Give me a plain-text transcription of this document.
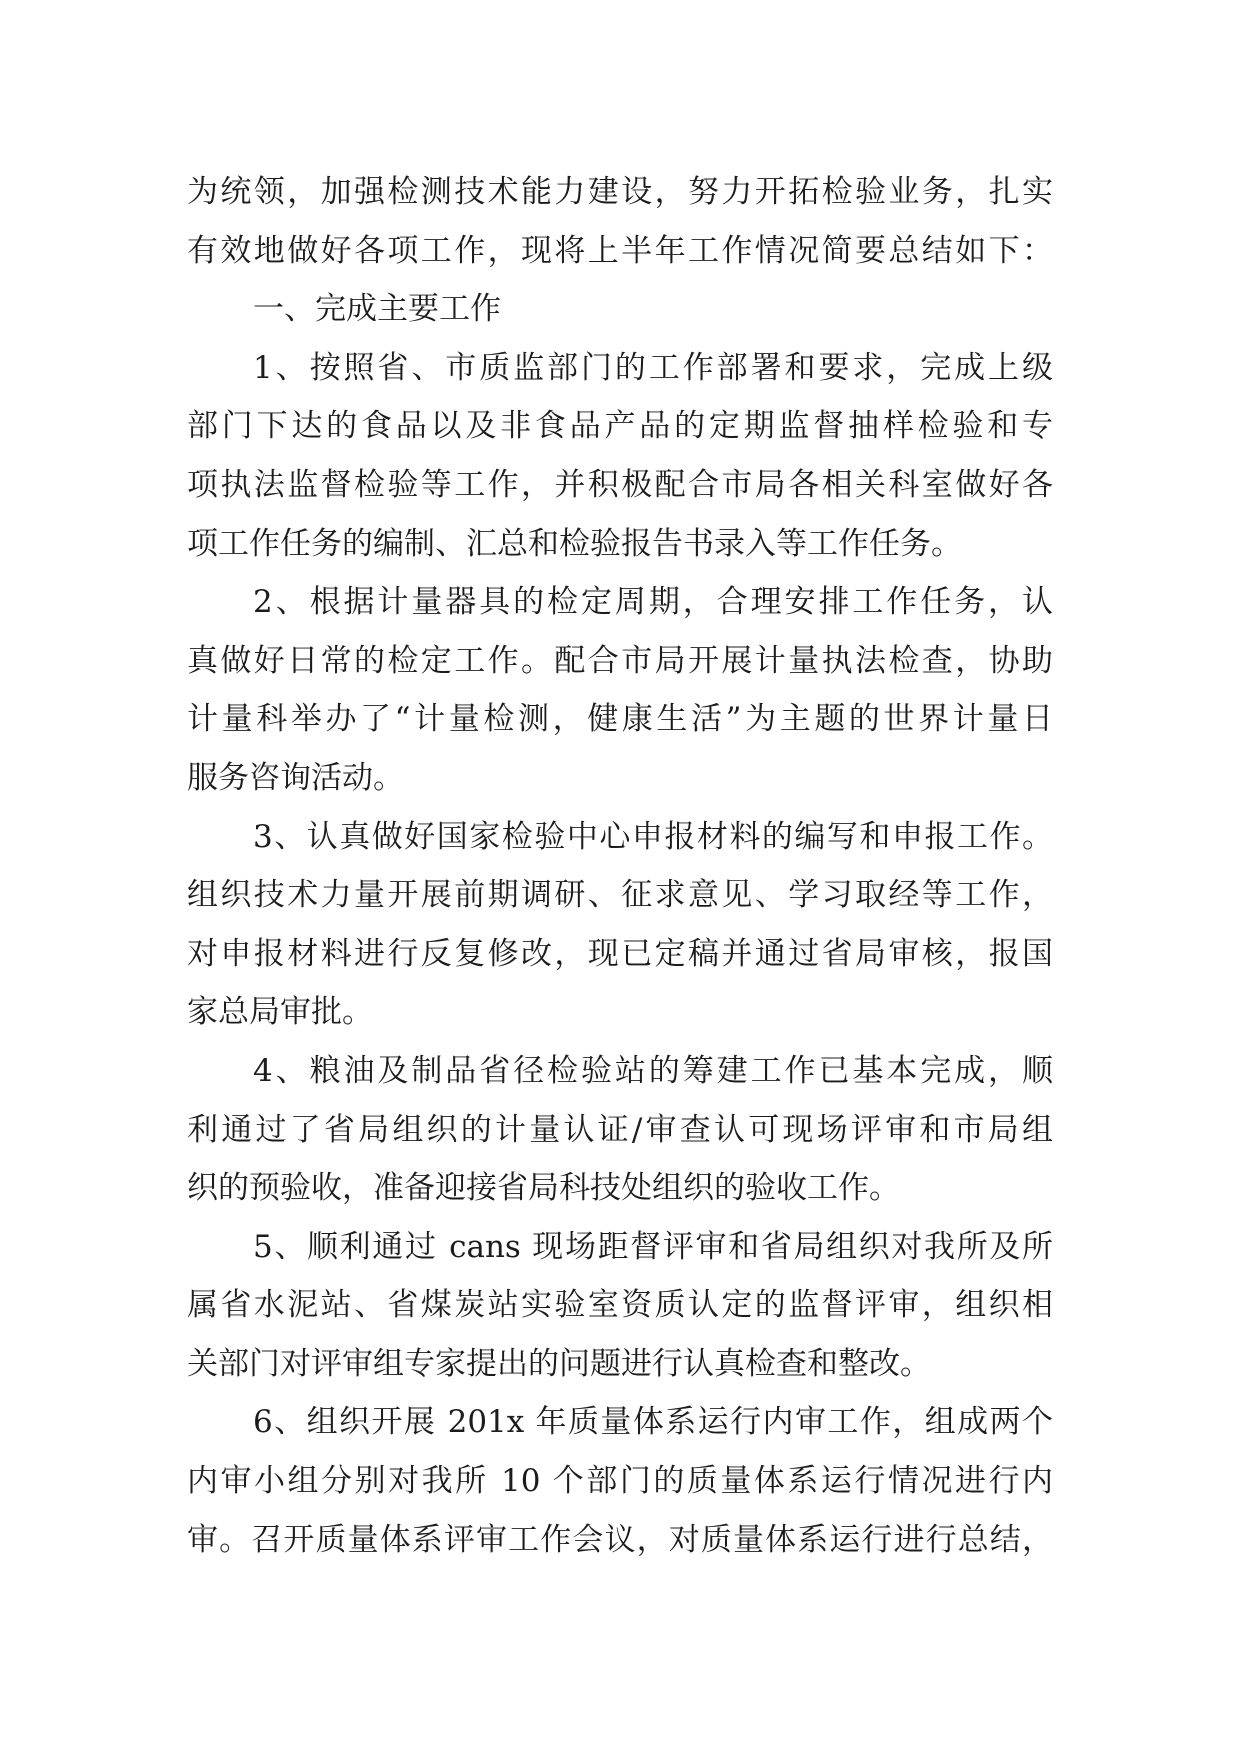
为统领，加强检测技术能力建设，努力开拓检验业务，扎实
有效地做好各项工作，现将上半年工作情况简要总结如下：
一、完成主要工作
1、按照省、市质监部门的工作部署和要求，完成上级
部门下达的食品以及非食品产品的定期监督抽样检验和专
项执法监督检验等工作，并积极配合市局各相关科室做好各
项工作任务的编制、汇总和检验报告书录入等工作任务。
2、根据计量器具的检定周期，合理安排工作任务，认
真做好日常的检定工作。配合市局开展计量执法检查，协助
计量科举办了“计量检测，健康生活”为主题的世界计量日
服务咨询活动。
3、认真做好国家检验中心申报材料的编写和申报工作。
组织技术力量开展前期调研、征求意见、学习取经等工作，
对申报材料进行反复修改，现已定稿并通过省局审核，报国
家总局审批。
4、粮油及制品省径检验站的筹建工作已基本完成，顺
利通过了省局组织的计量认证/审查认可现场评审和市局组
织的预验收，准备迎接省局科技处组织的验收工作。
5、顺利通过 cans 现场距督评审和省局组织对我所及所
属省水泥站、省煤炭站实验室资质认定的监督评审，组织相
关部门对评审组专家提出的问题进行认真检查和整改。
6、组织开展 201x 年质量体系运行内审工作，组成两个
内审小组分别对我所 10 个部门的质量体系运行情况进行内
审。召开质量体系评审工作会议，对质量体系运行进行总结，
